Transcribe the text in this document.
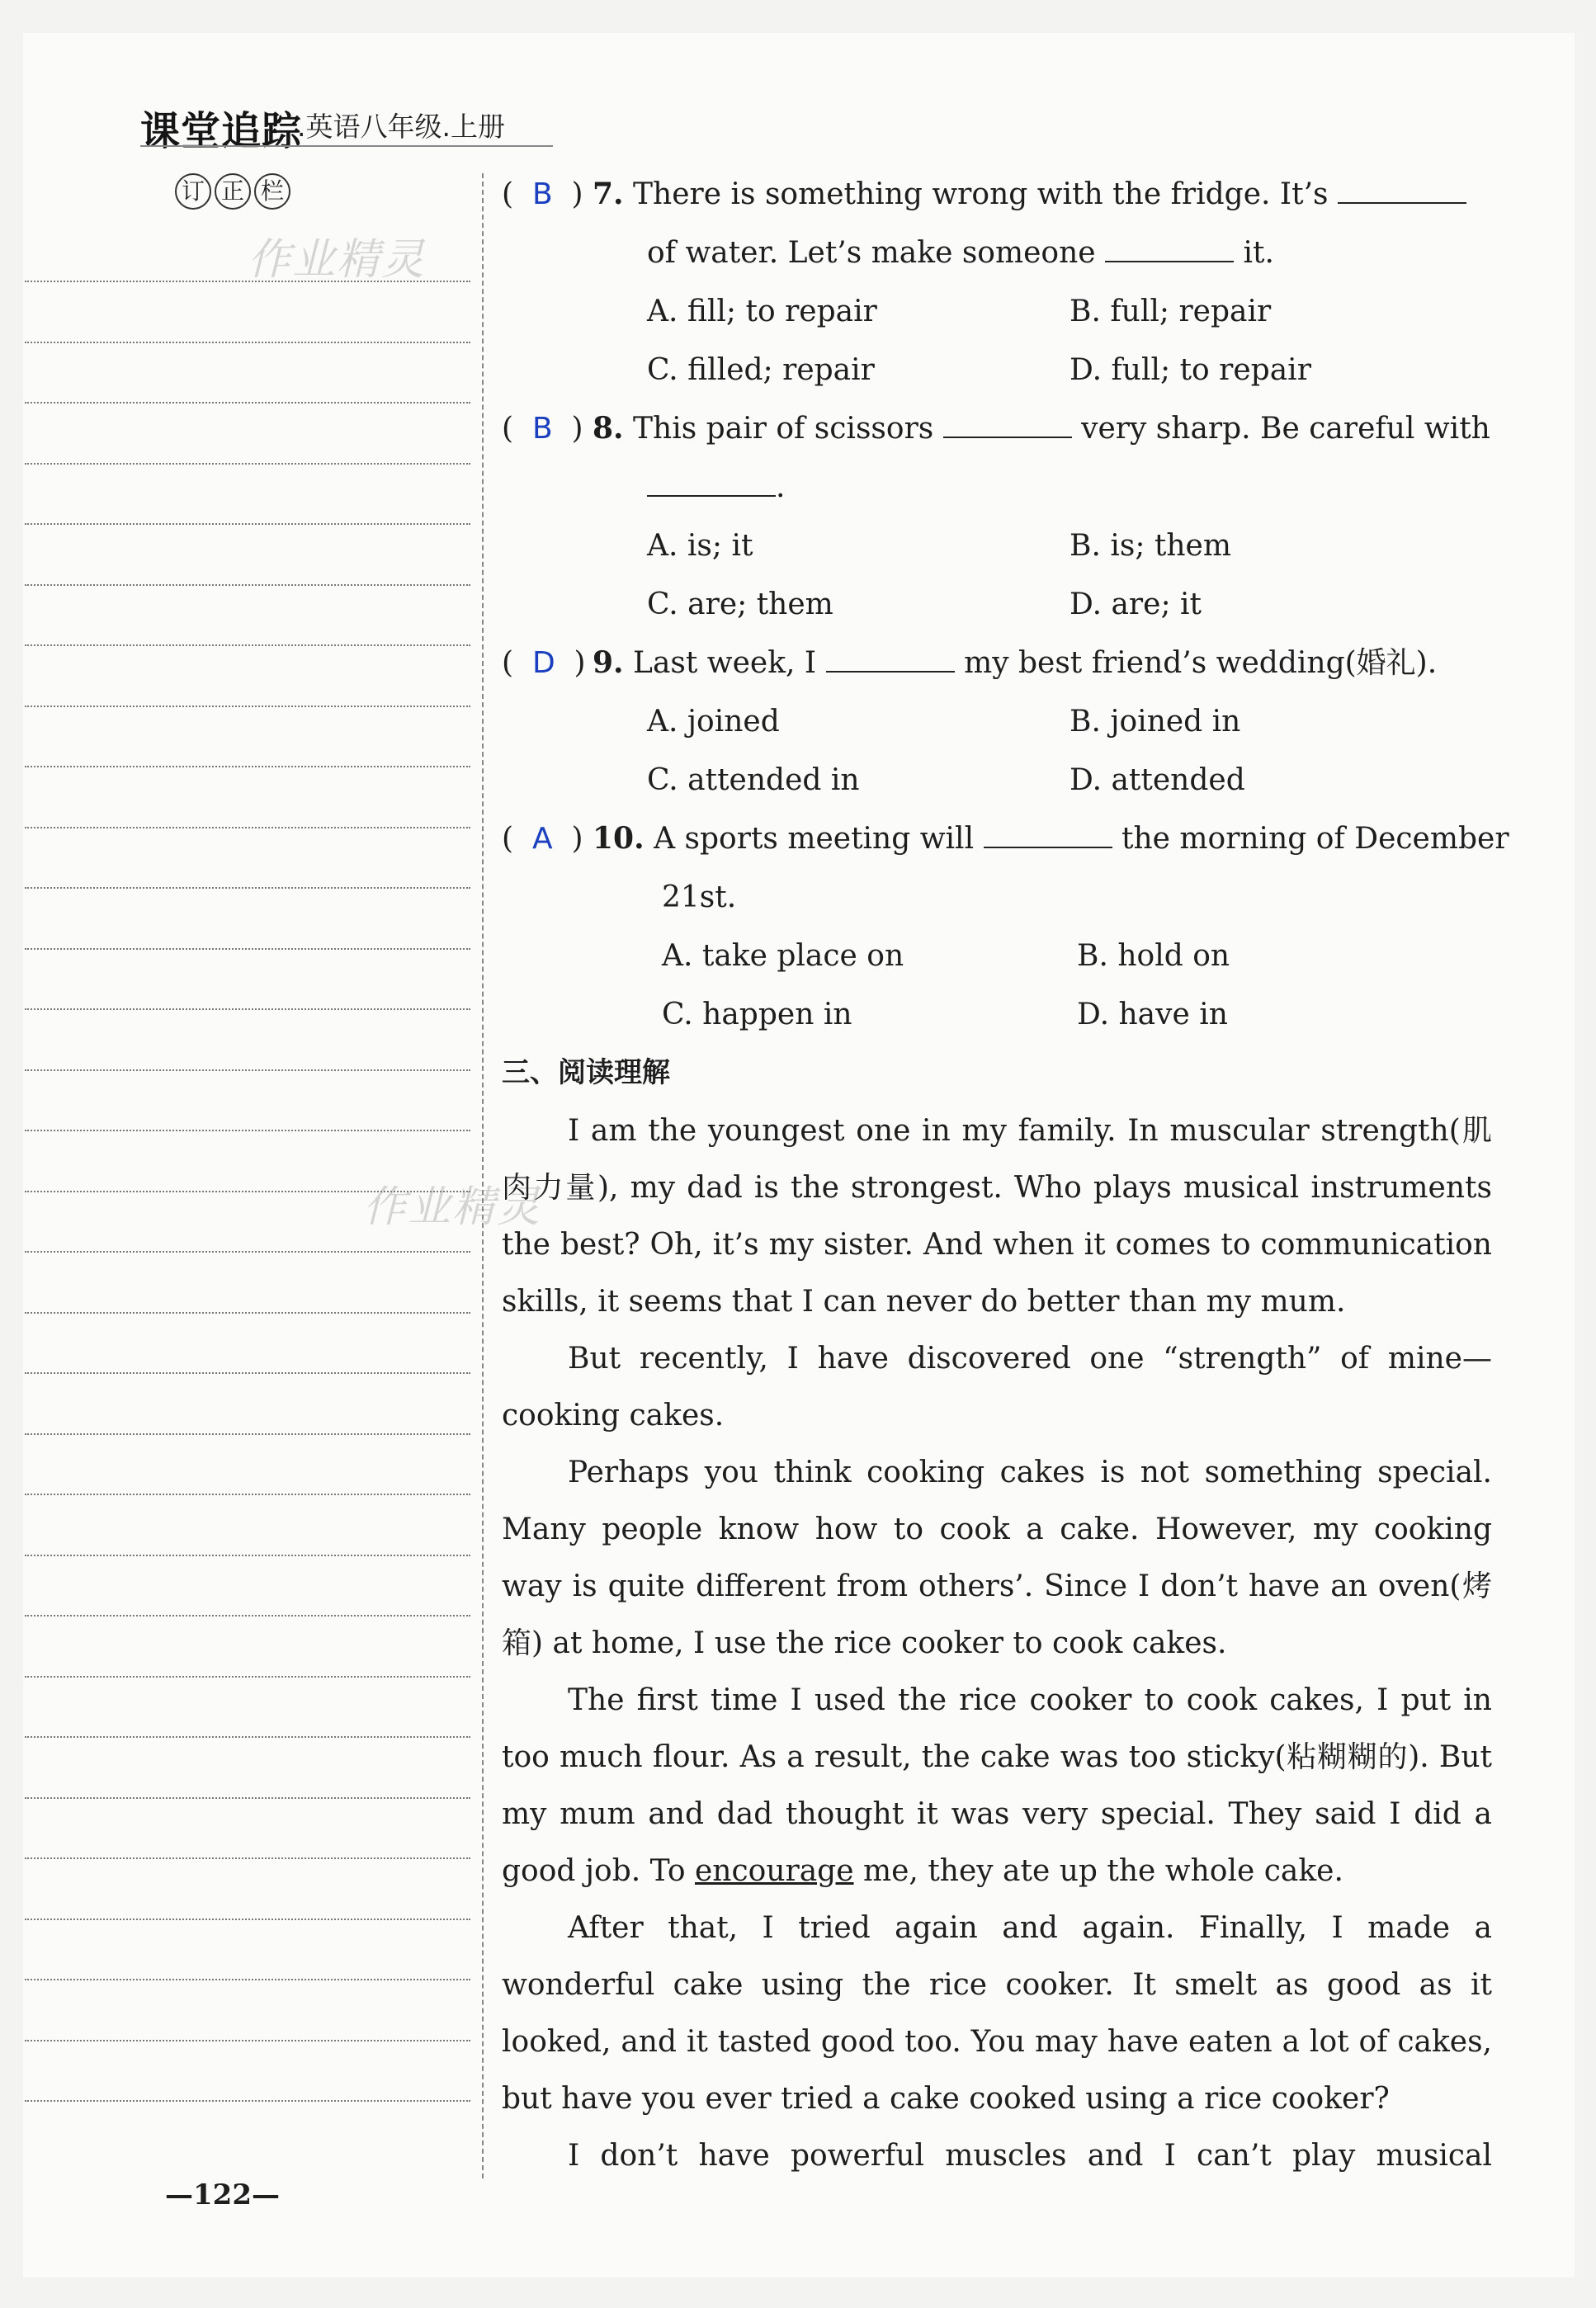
课堂追踪
.英语八年级.上册
订 正 栏
作业精灵
作业精灵
(  B  ) 7. There is something wrong with the fridge. It’s
of water. Let’s make someone	it.
A. fill; to repair	B. full; repair
C. filled; repair	D. full; to repair
(  B  ) 8. This pair of scissors	very sharp. Be careful with
.
A. is; it	B. is; them
C. are; them	D. are; it
(  D  ) 9. Last week, I	my best friend’s wedding(婚礼).
A. joined	B. joined in
C. attended in	D. attended
(  A  ) 10. A sports meeting will	the morning of December
21st.
A. take place on	B. hold on
C. happen in	D. have in
三、阅读理解

I am the youngest one in my family. In muscular strength(肌肉力量), my dad is the strongest. Who plays musical instruments the best? Oh, it’s my sister. And when it comes to communication skills, it seems that I can never do better than my mum.

But recently, I have discovered one “strength” of mine—cooking cakes.

Perhaps you think cooking cakes is not something special. Many people know how to cook a cake. However, my cooking way is quite different from others’. Since I don’t have an oven(烤箱) at home, I use the rice cooker to cook cakes.

The first time I used the rice cooker to cook cakes, I put in too much flour. As a result, the cake was too sticky(粘糊糊的). But my mum and dad thought it was very special. They said I did a good job. To encourage me, they ate up the whole cake.

After that, I tried again and again. Finally, I made a wonderful cake using the rice cooker. It smelt as good as it looked, and it tasted good too. You may have eaten a lot of cakes, but have you ever tried a cake cooked using a rice cooker?

I don’t have powerful muscles and I can’t play musical

—122—
